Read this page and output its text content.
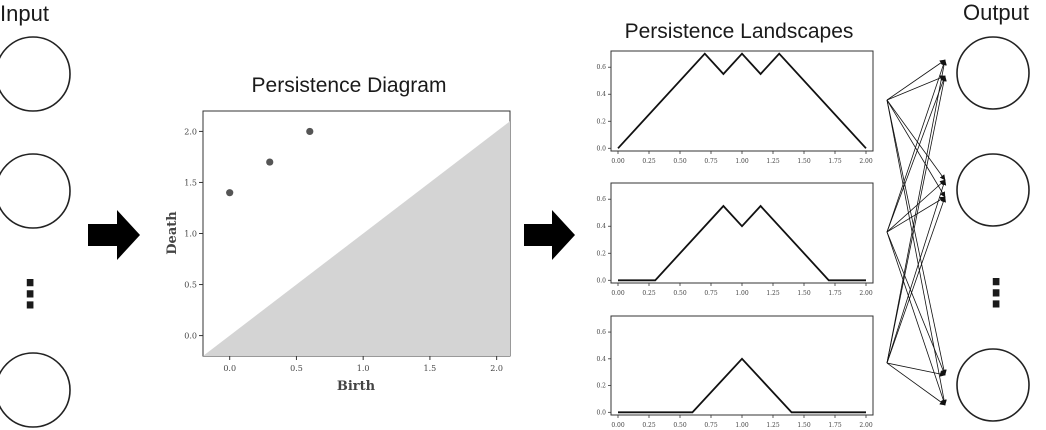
Input
⋮
Persistence Diagram
0.0	0.5	1.0	1.5	2.0
0.0
0.5
1.0
1.5
2.0
Birth
Death
Persistence Landscapes
0.00	0.25	0.50	0.75	1.00	1.25	1.50	1.75	2.00
0.0
0.2
0.4
0.6
0.00	0.25	0.50	0.75	1.00	1.25	1.50	1.75	2.00
0.0
0.2
0.4
0.6
0.00	0.25	0.50	0.75	1.00	1.25	1.50	1.75	2.00
0.0
0.2
0.4
0.6
Output
⋮
